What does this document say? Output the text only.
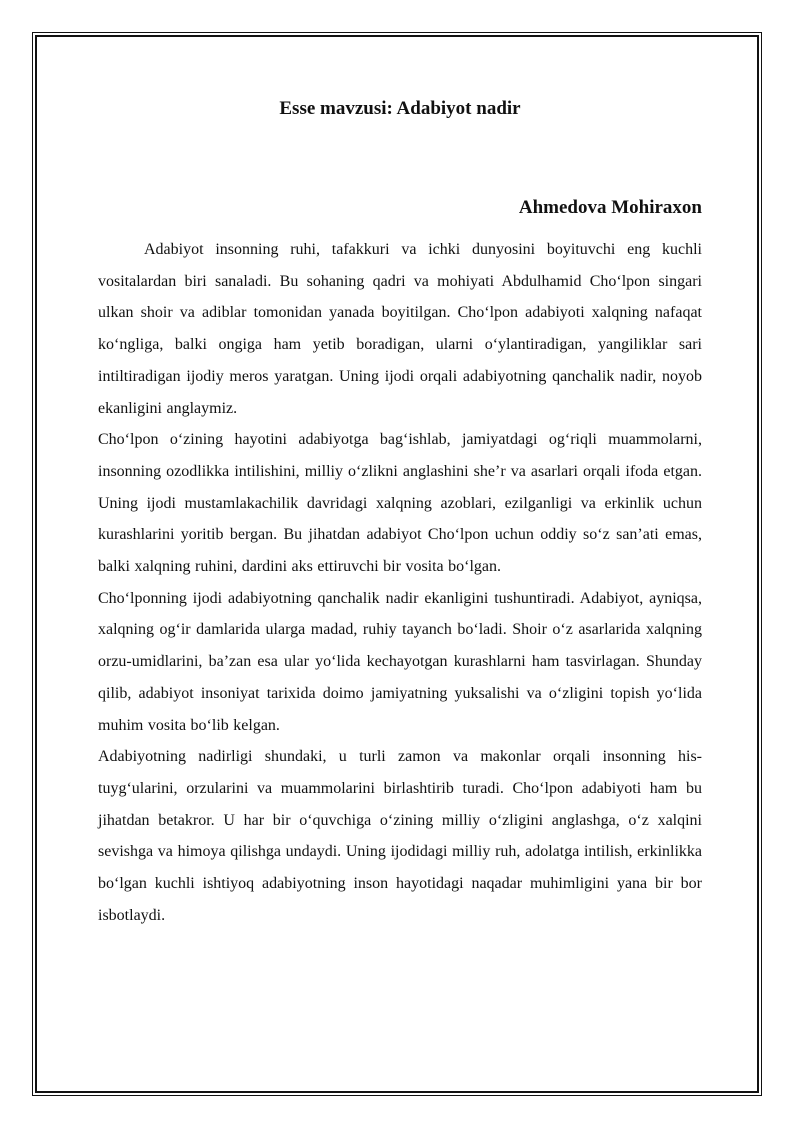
Esse mavzusi: Adabiyot nadir

Ahmedova Mohiraxon

Adabiyot insonning ruhi, tafakkuri va ichki dunyosini boyituvchi eng kuchli vositalardan biri sanaladi. Bu sohaning qadri va mohiyati Abdulhamid Cho‘lpon singari ulkan shoir va adiblar tomonidan yanada boyitilgan. Cho‘lpon adabiyoti xalqning nafaqat ko‘ngliga, balki ongiga ham yetib boradigan, ularni o‘ylantiradigan, yangiliklar sari intiltiradigan ijodiy meros yaratgan. Uning ijodi orqali adabiyotning qanchalik nadir, noyob ekanligini anglaymiz.

Cho‘lpon o‘zining hayotini adabiyotga bag‘ishlab, jamiyatdagi og‘riqli muammolarni, insonning ozodlikka intilishini, milliy o‘zlikni anglashini she’r va asarlari orqali ifoda etgan. Uning ijodi mustamlakachilik davridagi xalqning azoblari, ezilganligi va erkinlik uchun kurashlarini yoritib bergan. Bu jihatdan adabiyot Cho‘lpon uchun oddiy so‘z san’ati emas, balki xalqning ruhini, dardini aks ettiruvchi bir vosita bo‘lgan.

Cho‘lponning ijodi adabiyotning qanchalik nadir ekanligini tushuntiradi. Adabiyot, ayniqsa, xalqning og‘ir damlarida ularga madad, ruhiy tayanch bo‘ladi. Shoir o‘z asarlarida xalqning orzu-umidlarini, ba’zan esa ular yo‘lida kechayotgan kurashlarni ham tasvirlagan. Shunday qilib, adabiyot insoniyat tarixida doimo jamiyatning yuksalishi va o‘zligini topish yo‘lida muhim vosita bo‘lib kelgan.

Adabiyotning nadirligi shundaki, u turli zamon va makonlar orqali insonning his-tuyg‘ularini, orzularini va muammolarini birlashtirib turadi. Cho‘lpon adabiyoti ham bu jihatdan betakror. U har bir o‘quvchiga o‘zining milliy o‘zligini anglashga, o‘z xalqini sevishga va himoya qilishga undaydi. Uning ijodidagi milliy ruh, adolatga intilish, erkinlikka bo‘lgan kuchli ishtiyoq adabiyotning inson hayotidagi naqadar muhimligini yana bir bor isbotlaydi.
